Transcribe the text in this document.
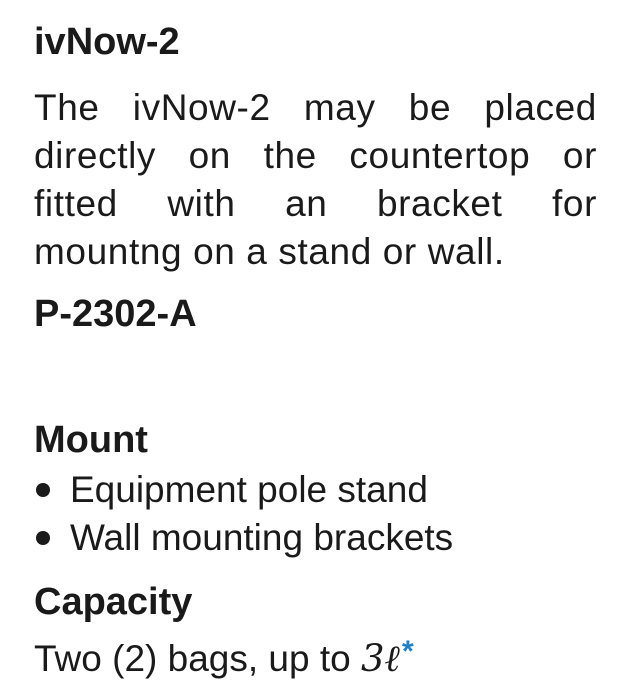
ivNow-2

The ivNow-2 may be placed directly on the countertop or fitted with an bracket for mountng on a stand or wall.

P-2302-A
Mount
Equipment pole stand
Wall mounting brackets
Capacity

Two (2) bags, up to 3ℓ*
